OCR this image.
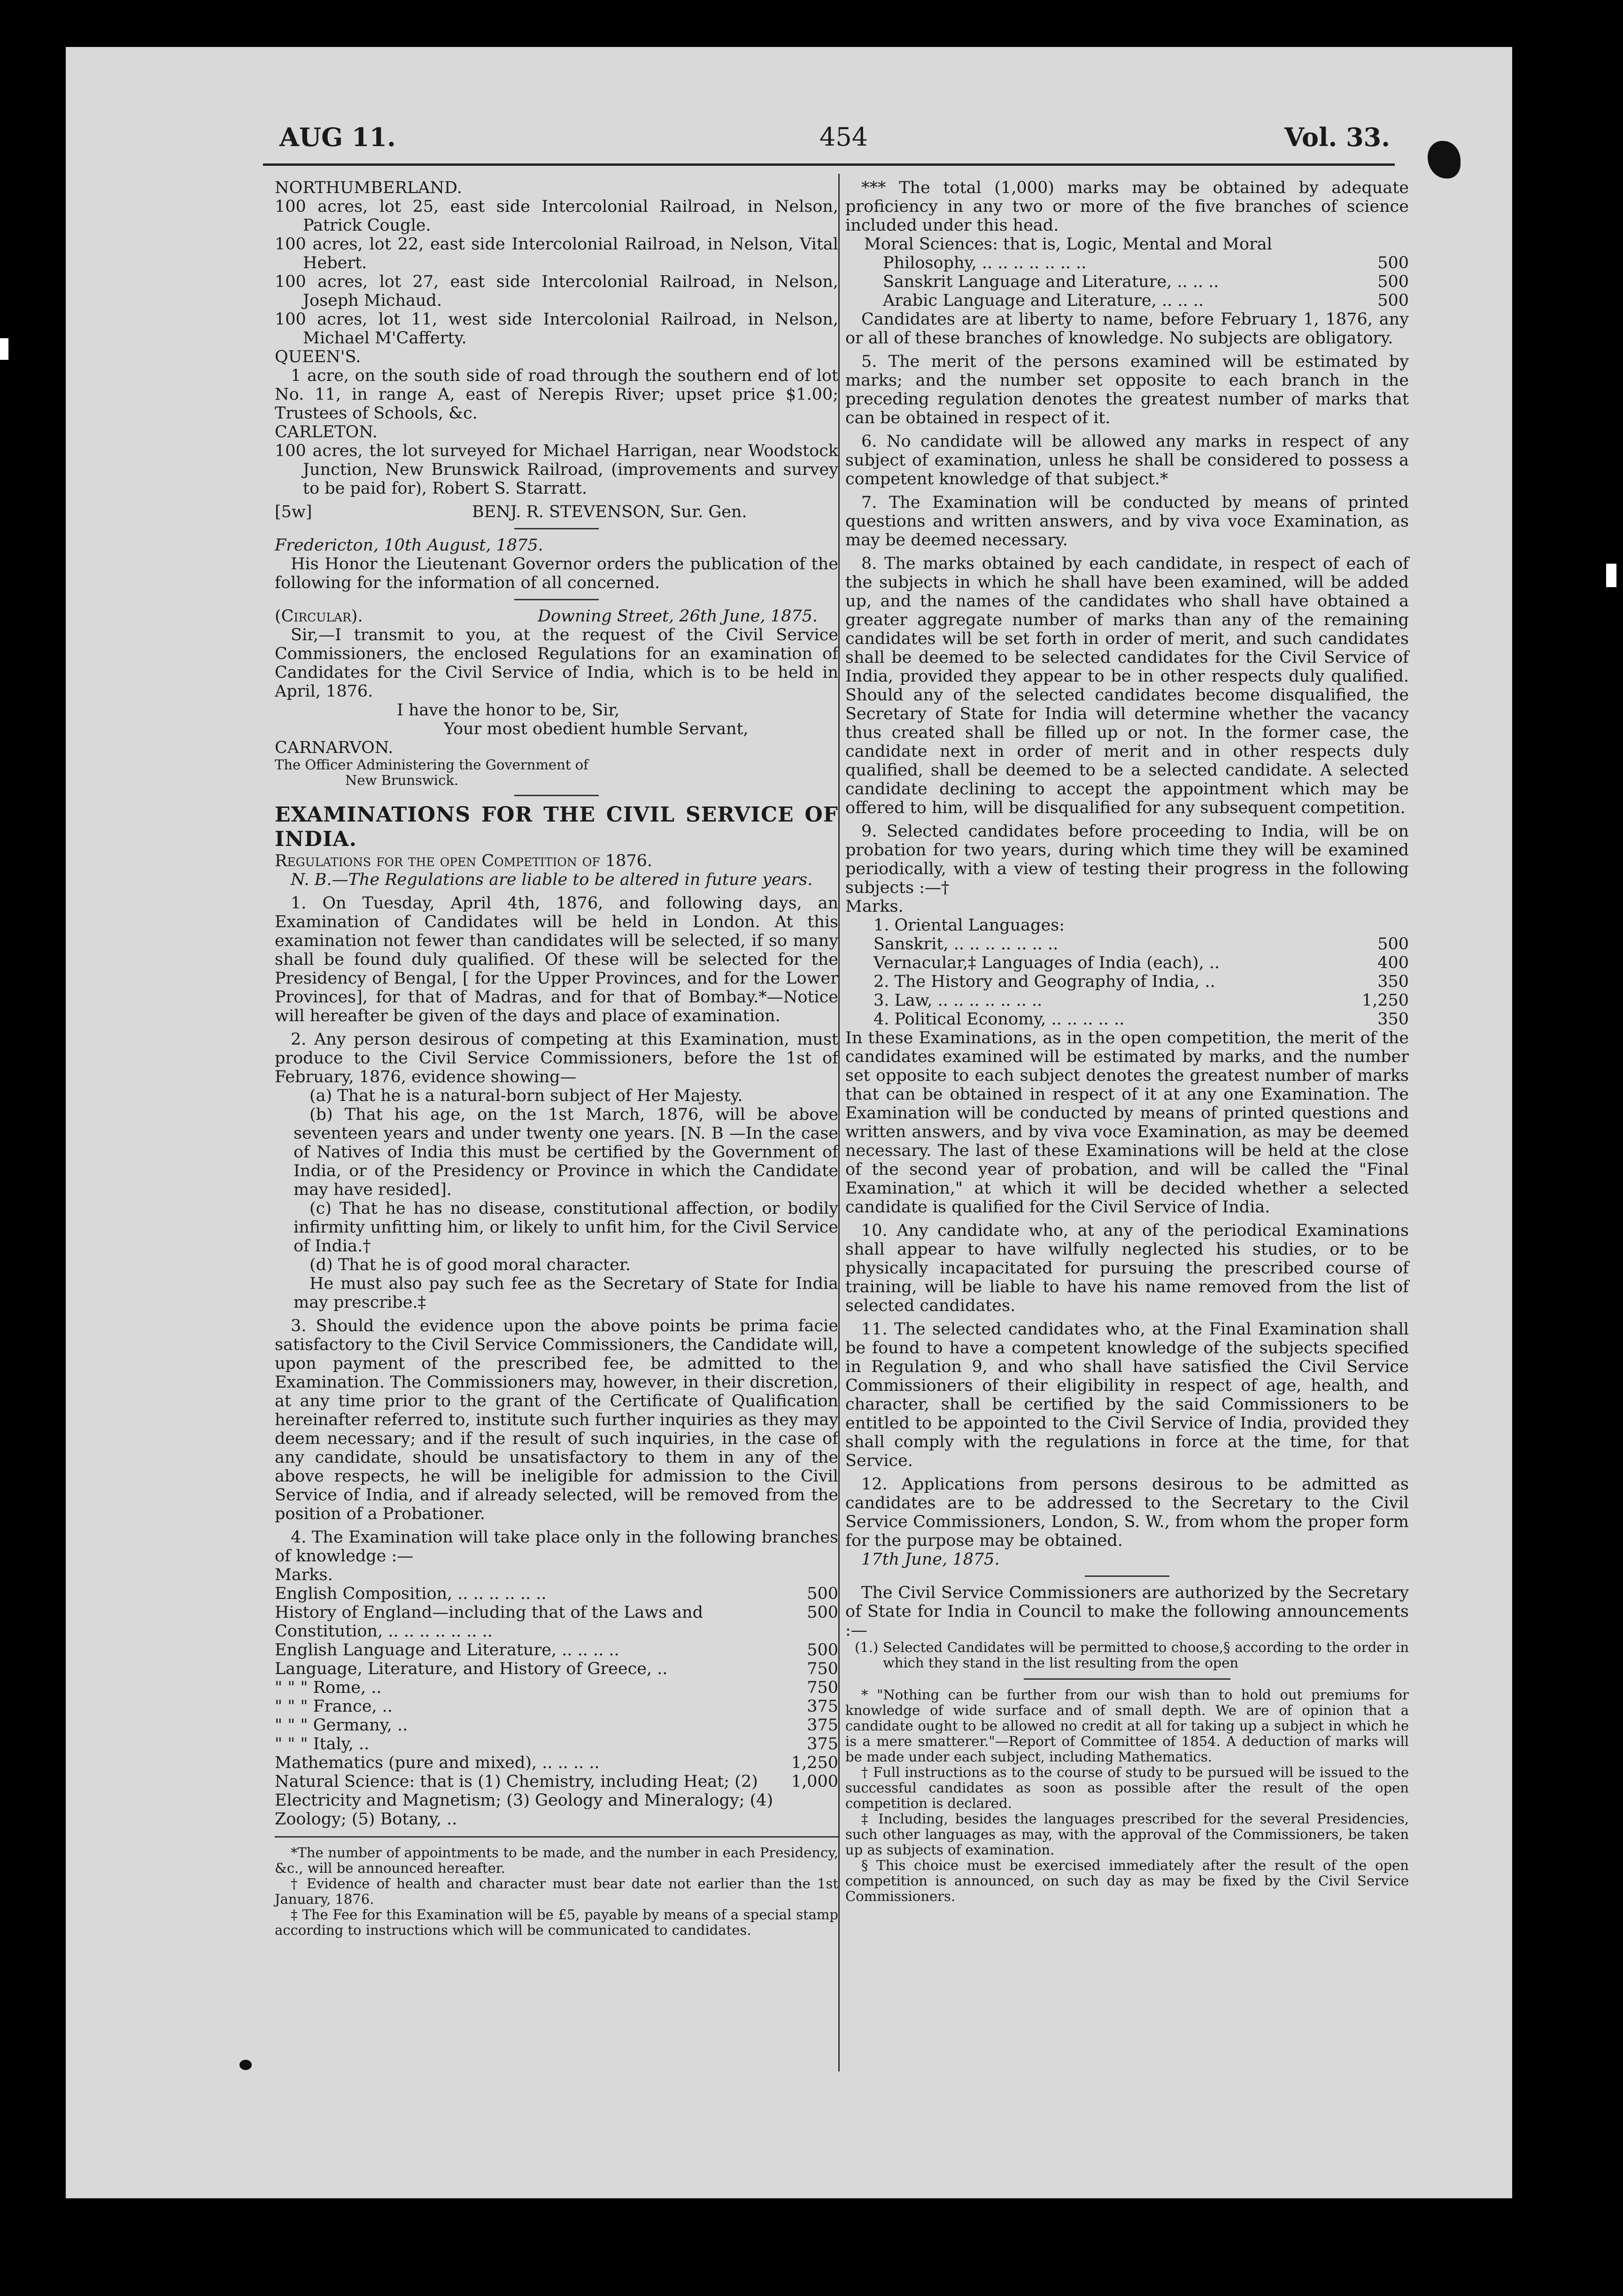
AUG 11.	454	Vol. 33.

NORTHUMBERLAND.

100 acres, lot 25, east side Intercolonial Railroad, in Nelson, Patrick Cougle.

100 acres, lot 22, east side Intercolonial Railroad, in Nelson, Vital Hebert.

100 acres, lot 27, east side Intercolonial Railroad, in Nelson, Joseph Michaud.

100 acres, lot 11, west side Intercolonial Railroad, in Nelson, Michael M'Cafferty.

QUEEN'S.

1 acre, on the south side of road through the southern end of lot No. 11, in range A, east of Nerepis River; upset price $1.00; Trustees of Schools, &c.

CARLETON.

100 acres, the lot surveyed for Michael Harrigan, near Woodstock Junction, New Brunswick Railroad, (improvements and survey to be paid for), Robert S. Starratt.

[5w]	BENJ. R. STEVENSON, Sur. Gen.

Fredericton, 10th August, 1875.

His Honor the Lieutenant Governor orders the publication of the following for the information of all concerned.

(Circular).	Downing Street, 26th June, 1875.

Sir,—I transmit to you, at the request of the Civil Service Commissioners, the enclosed Regulations for an examination of Candidates for the Civil Service of India, which is to be held in April, 1876.

I have the honor to be, Sir,

Your most obedient humble Servant,

CARNARVON.

The Officer Administering the Government of

New Brunswick.

EXAMINATIONS FOR THE CIVIL SERVICE OF INDIA.

Regulations for the open Competition of 1876.

N. B.—The Regulations are liable to be altered in future years.

1. On Tuesday, April 4th, 1876, and following days, an Examination of Candidates will be held in London. At this examination not fewer than candidates will be selected, if so many shall be found duly qualified. Of these will be selected for the Presidency of Bengal, [ for the Upper Provinces, and for the Lower Provinces], for that of Madras, and for that of Bombay.*—Notice will hereafter be given of the days and place of examination.

2. Any person desirous of competing at this Examination, must produce to the Civil Service Commissioners, before the 1st of February, 1876, evidence showing—

(a) That he is a natural-born subject of Her Majesty.

(b) That his age, on the 1st March, 1876, will be above seventeen years and under twenty one years. [N. B —In the case of Natives of India this must be certified by the Government of India, or of the Presidency or Province in which the Candidate may have resided].

(c) That he has no disease, constitutional affection, or bodily infirmity unfitting him, or likely to unfit him, for the Civil Service of India.†

(d) That he is of good moral character.

He must also pay such fee as the Secretary of State for India may prescribe.‡

3. Should the evidence upon the above points be prima facie satisfactory to the Civil Service Commissioners, the Candidate will, upon payment of the prescribed fee, be admitted to the Examination. The Commissioners may, however, in their discretion, at any time prior to the grant of the Certificate of Qualification hereinafter referred to, institute such further inquiries as they may deem necessary; and if the result of such inquiries, in the case of any candidate, should be unsatisfactory to them in any of the above respects, he will be ineligible for admission to the Civil Service of India, and if already selected, will be removed from the position of a Probationer.

4. The Examination will take place only in the following branches of knowledge :—

Marks.

English Composition, .. .. .. .. .. ..	500
History of England—including that of the Laws and Constitution, .. .. .. .. .. .. ..
500
English Language and Literature, .. .. .. ..	500
Language, Literature, and History of Greece, ..	750
" " " Rome, ..	750
" " " France, ..	375
" " " Germany, ..	375
" " " Italy, ..	375
Mathematics (pure and mixed), .. .. .. ..	1,250
Natural Science: that is (1) Chemistry, including Heat; (2) Electricity and Magnetism; (3) Geology and Mineralogy; (4) Zoology; (5) Botany, ..
1,000

*The number of appointments to be made, and the number in each Presidency, &c., will be announced hereafter.

† Evidence of health and character must bear date not earlier than the 1st January, 1876.

‡ The Fee for this Examination will be £5, payable by means of a special stamp according to instructions which will be communicated to candidates.

*** The total (1,000) marks may be obtained by adequate proficiency in any two or more of the five branches of science included under this head.

Moral Sciences: that is, Logic, Mental and Moral

Philosophy, .. .. .. .. .. .. ..	500
Sanskrit Language and Literature, .. .. ..	500
Arabic Language and Literature, .. .. ..	500

Candidates are at liberty to name, before February 1, 1876, any or all of these branches of knowledge. No subjects are obligatory.

5. The merit of the persons examined will be estimated by marks; and the number set opposite to each branch in the preceding regulation denotes the greatest number of marks that can be obtained in respect of it.

6. No candidate will be allowed any marks in respect of any subject of examination, unless he shall be considered to possess a competent knowledge of that subject.*

7. The Examination will be conducted by means of printed questions and written answers, and by viva voce Examination, as may be deemed necessary.

8. The marks obtained by each candidate, in respect of each of the subjects in which he shall have been examined, will be added up, and the names of the candidates who shall have obtained a greater aggregate number of marks than any of the remaining candidates will be set forth in order of merit, and such candidates shall be deemed to be selected candidates for the Civil Service of India, provided they appear to be in other respects duly qualified. Should any of the selected candidates become disqualified, the Secretary of State for India will determine whether the vacancy thus created shall be filled up or not. In the former case, the candidate next in order of merit and in other respects duly qualified, shall be deemed to be a selected candidate. A selected candidate declining to accept the appointment which may be offered to him, will be disqualified for any subsequent competition.

9. Selected candidates before proceeding to India, will be on probation for two years, during which time they will be examined periodically, with a view of testing their progress in the following subjects :—†

Marks.

1. Oriental Languages:
Sanskrit, .. .. .. .. .. .. ..	500
Vernacular,‡ Languages of India (each), ..	400
2. The History and Geography of India, ..	350
3. Law, .. .. .. .. .. .. ..	1,250
4. Political Economy, .. .. .. .. ..	350

In these Examinations, as in the open competition, the merit of the candidates examined will be estimated by marks, and the number set opposite to each subject denotes the greatest number of marks that can be obtained in respect of it at any one Examination. The Examination will be conducted by means of printed questions and written answers, and by viva voce Examination, as may be deemed necessary. The last of these Examinations will be held at the close of the second year of probation, and will be called the "Final Examination," at which it will be decided whether a selected candidate is qualified for the Civil Service of India.

10. Any candidate who, at any of the periodical Examinations shall appear to have wilfully neglected his studies, or to be physically incapacitated for pursuing the prescribed course of training, will be liable to have his name removed from the list of selected candidates.

11. The selected candidates who, at the Final Examination shall be found to have a competent knowledge of the subjects specified in Regulation 9, and who shall have satisfied the Civil Service Commissioners of their eligibility in respect of age, health, and character, shall be certified by the said Commissioners to be entitled to be appointed to the Civil Service of India, provided they shall comply with the regulations in force at the time, for that Service.

12. Applications from persons desirous to be admitted as candidates are to be addressed to the Secretary to the Civil Service Commissioners, London, S. W., from whom the proper form for the purpose may be obtained.

17th June, 1875.

The Civil Service Commissioners are authorized by the Secretary of State for India in Council to make the following announcements :—

(1.) Selected Candidates will be permitted to choose,§ according to the order in which they stand in the list resulting from the open

* "Nothing can be further from our wish than to hold out premiums for knowledge of wide surface and of small depth. We are of opinion that a candidate ought to be allowed no credit at all for taking up a subject in which he is a mere smatterer."—Report of Committee of 1854. A deduction of marks will be made under each subject, including Mathematics.

† Full instructions as to the course of study to be pursued will be issued to the successful candidates as soon as possible after the result of the open competition is declared.

‡ Including, besides the languages prescribed for the several Presidencies, such other languages as may, with the approval of the Commissioners, be taken up as subjects of examination.

§ This choice must be exercised immediately after the result of the open competition is announced, on such day as may be fixed by the Civil Service Commissioners.
